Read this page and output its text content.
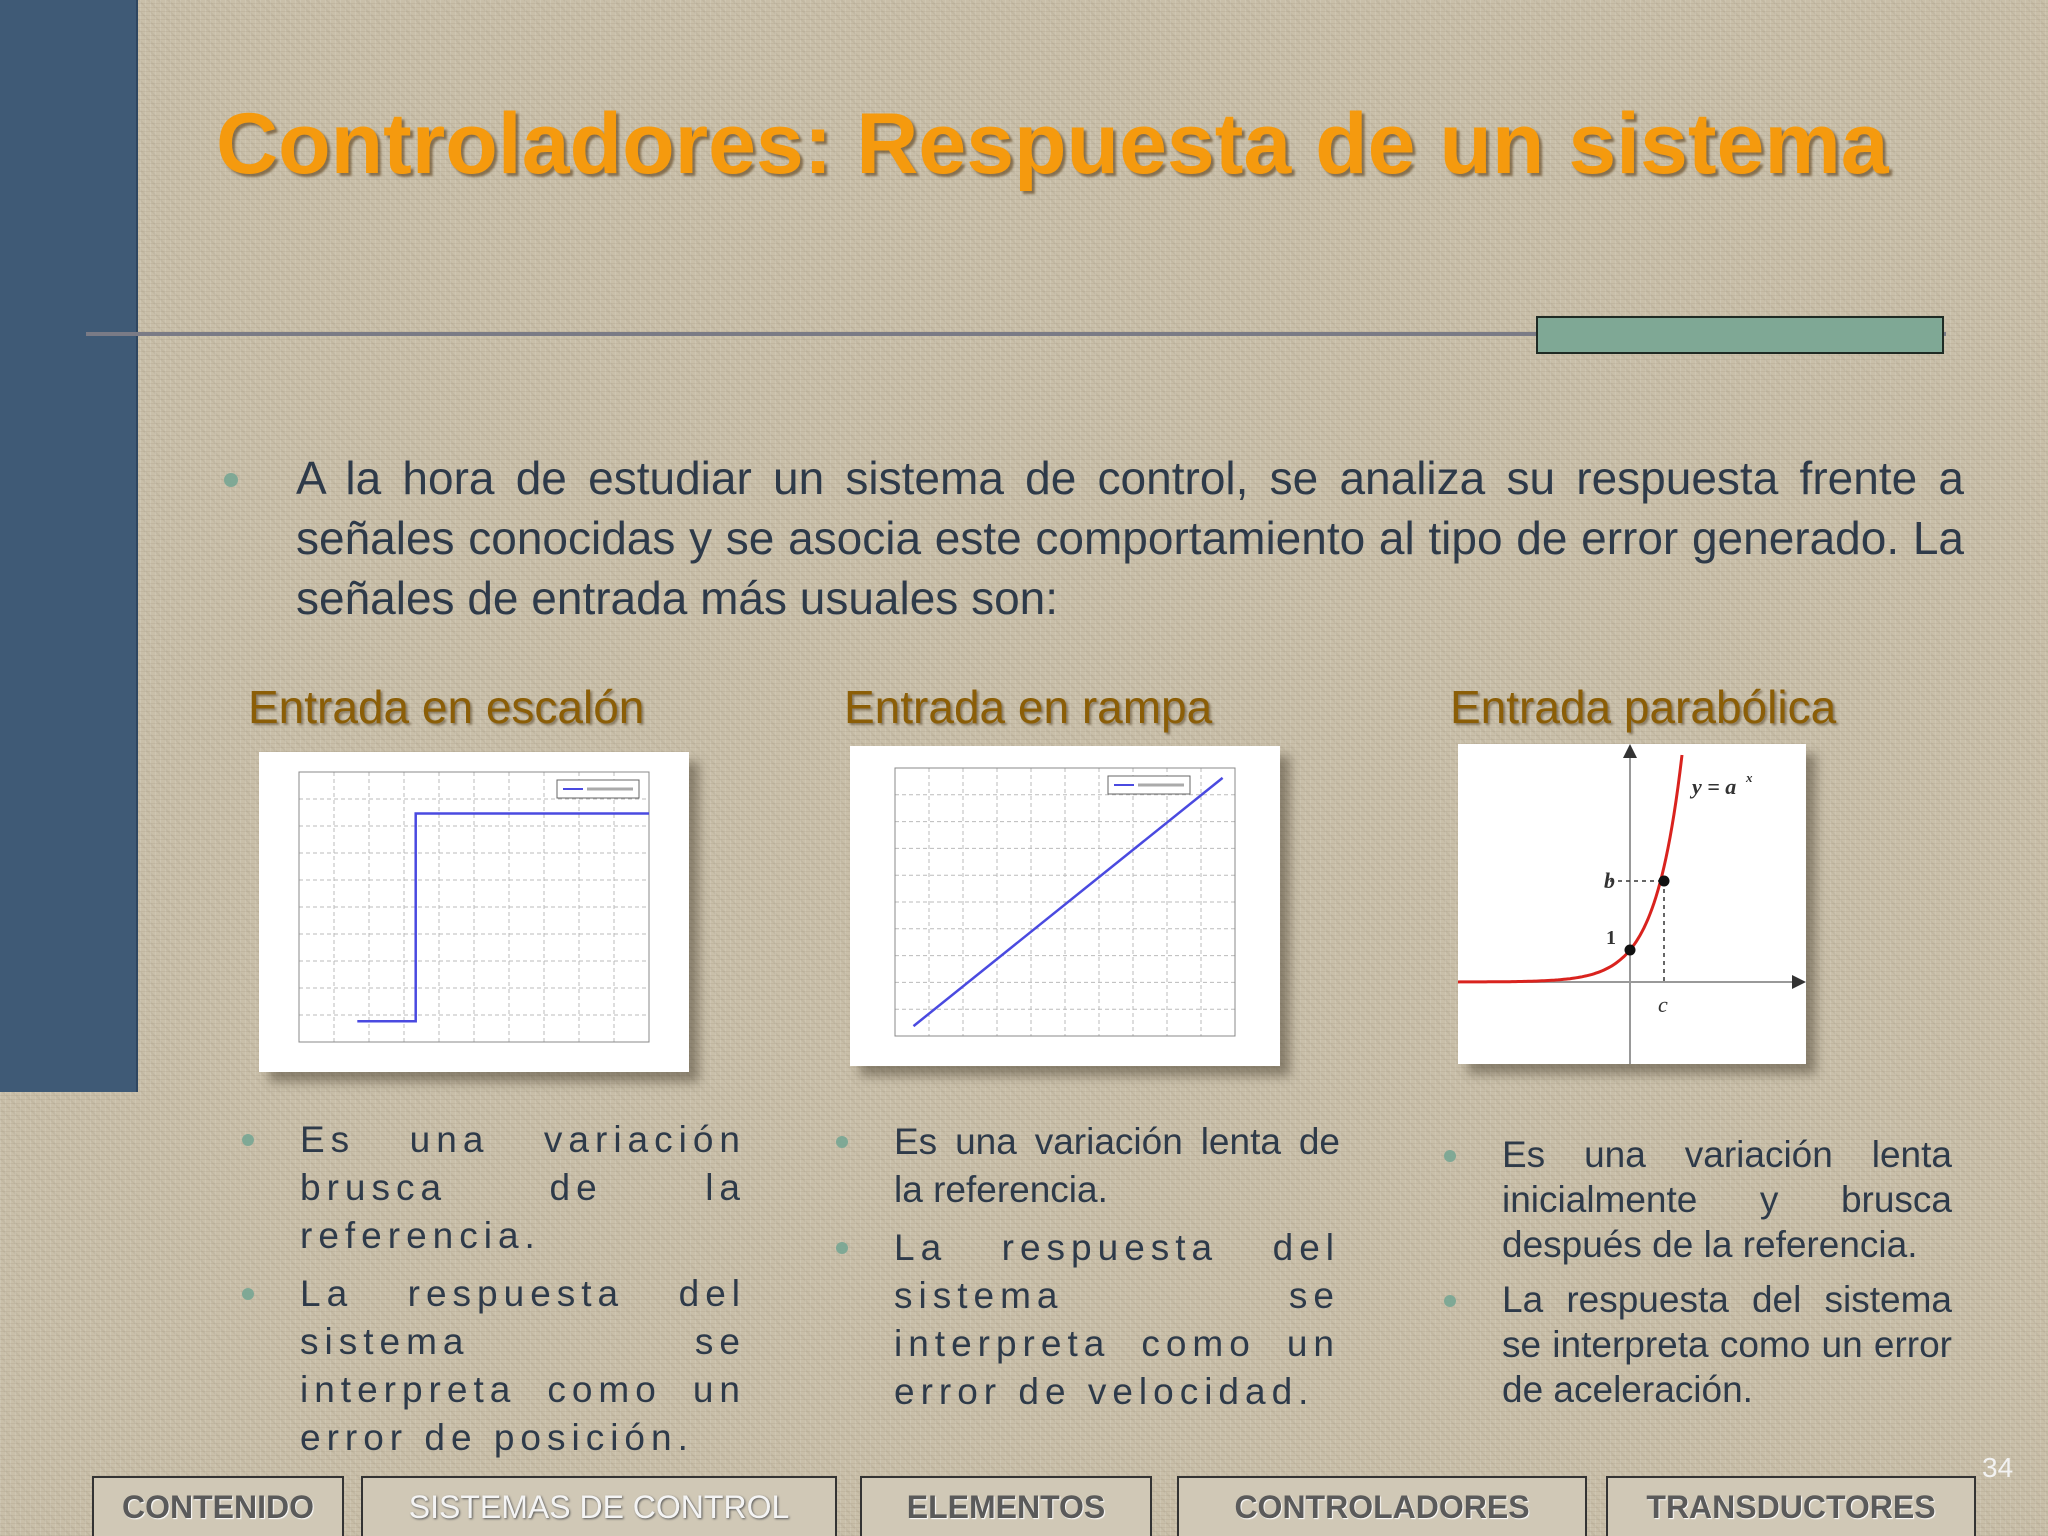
Controladores: Respuesta de un sistema
A la hora de estudiar un sistema de control, se analiza su respuesta frente a señales conocidas y se asocia este comportamiento al tipo de error generado. La señales de entrada más usuales son:
Entrada en escalón	Entrada en rampa	Entrada parabólica
1
b
c
y = a x
Es una variación brusca de la referencia.
La respuesta del sistema se interpreta como un error de posición.
Es una variación lenta de la referencia.
La respuesta del sistema se interpreta como un error de velocidad.
Es una variación lenta inicialmente y brusca después de la referencia.
La respuesta del sistema se interpreta como un error de aceleración.
34
CONTENIDO	SISTEMAS DE CONTROL	ELEMENTOS	CONTROLADORES	TRANSDUCTORES
